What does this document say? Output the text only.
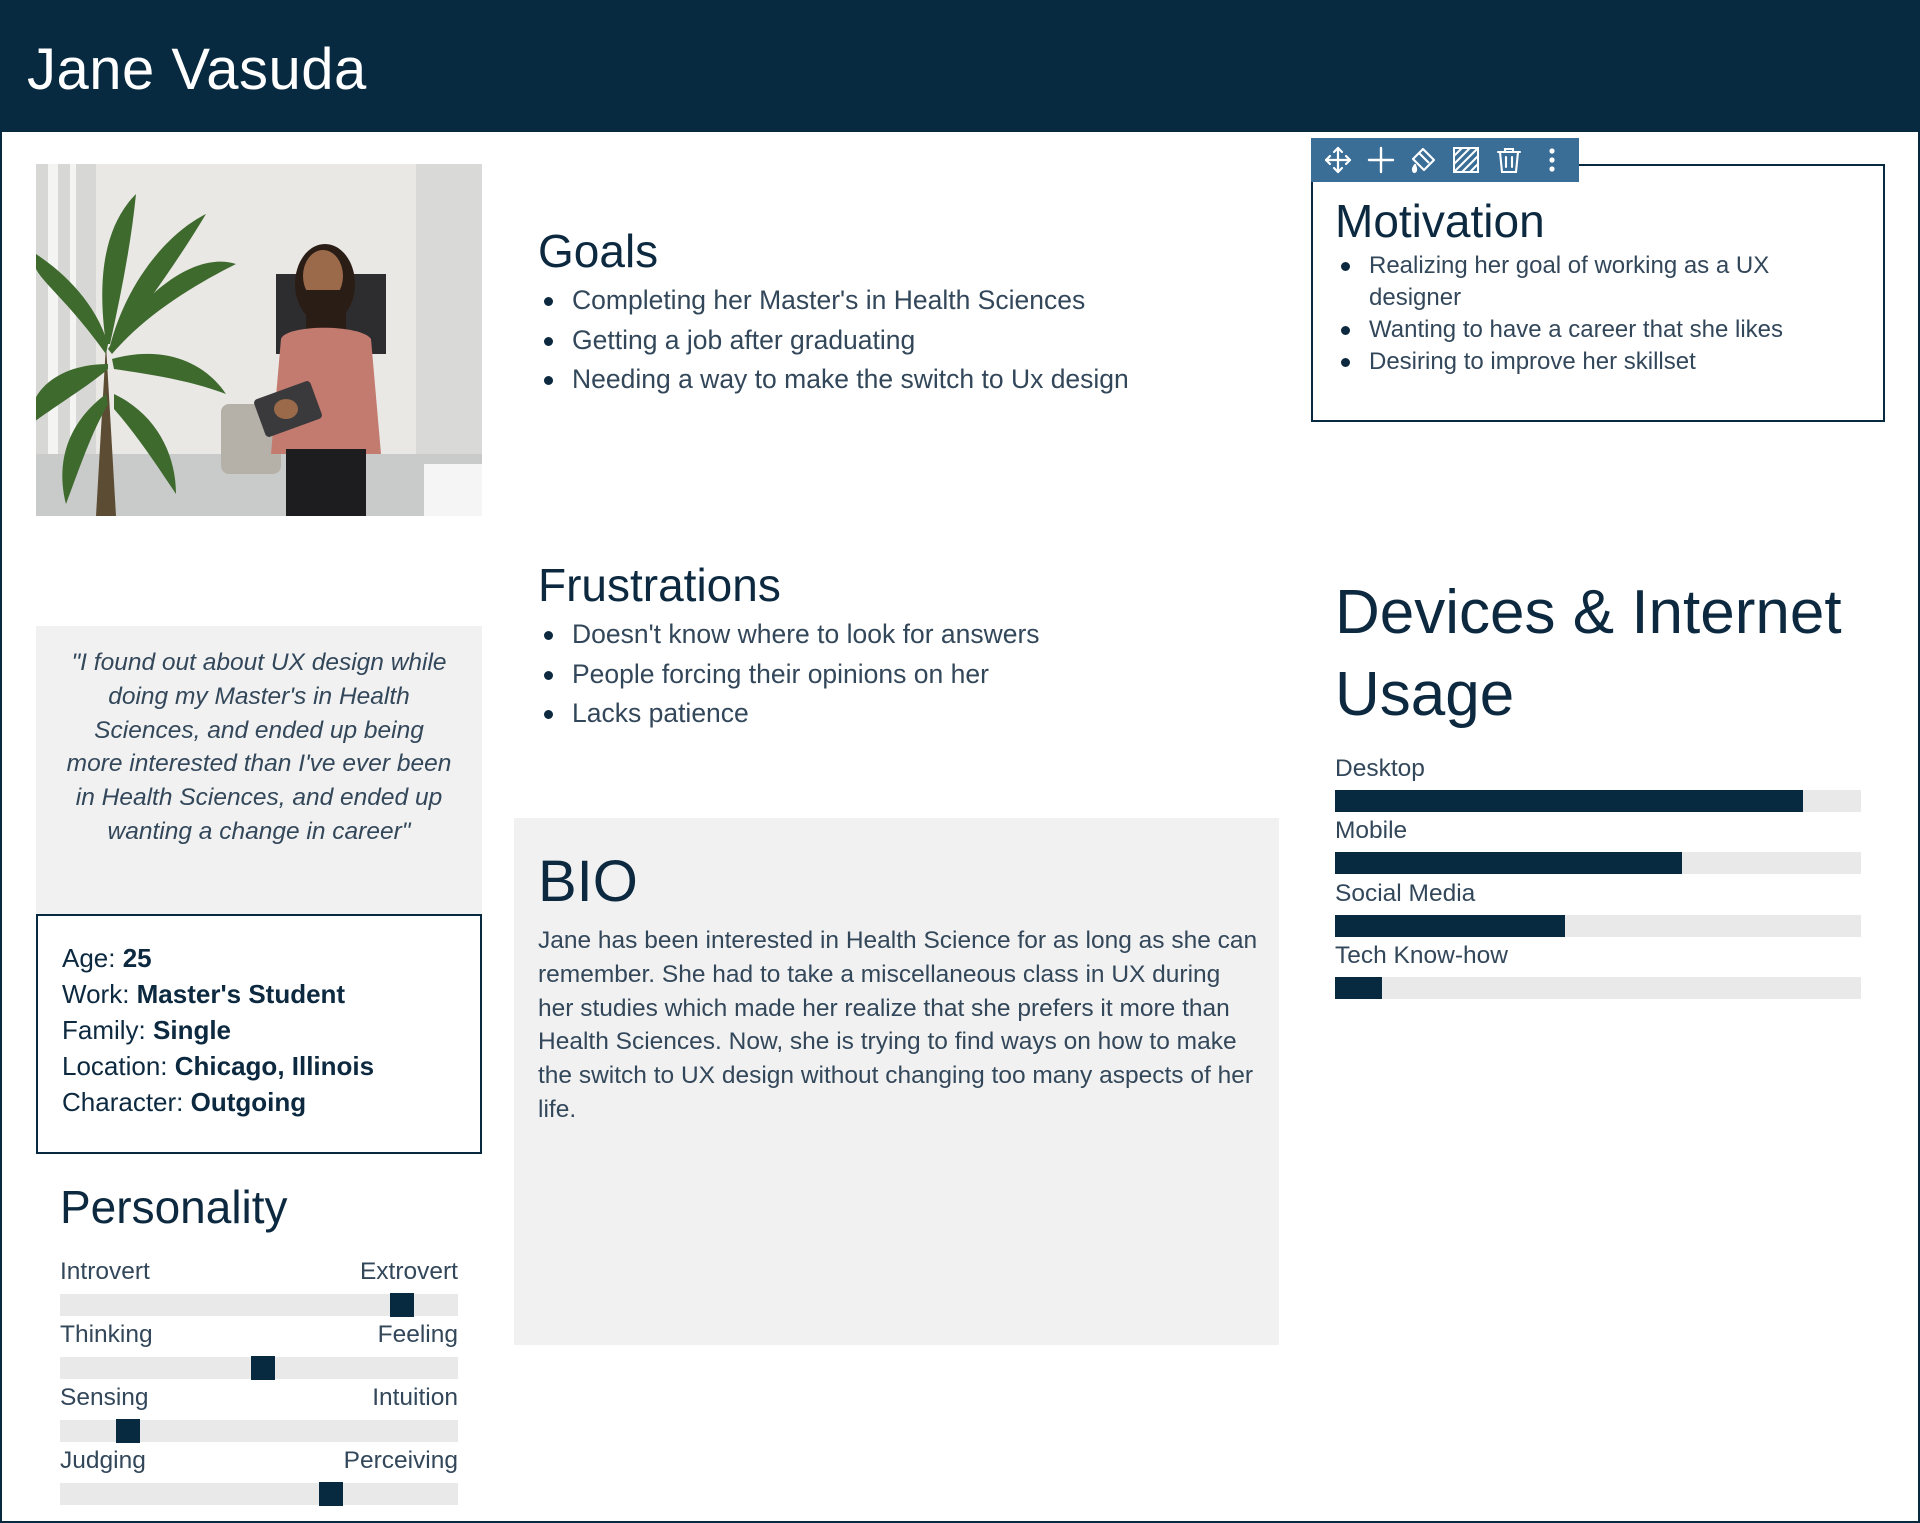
Jane Vasuda

"I found out about UX design while doing my Master's in Health Sciences, and ended up being more interested than I've ever been in Health Sciences, and ended up wanting a change in career"

Age: 25
Work: Master's Student
Family: Single
Location: Chicago, Illinois
Character: Outgoing
Personality
Introvert	Extrovert
Thinking	Feeling
Sensing	Intuition
Judging	Perceiving
Goals
Completing her Master's in Health Sciences
Getting a job after graduating
Needing a way to make the switch to Ux design
Frustrations
Doesn't know where to look for answers
People forcing their opinions on her
Lacks patience
BIO

Jane has been interested in Health Science for as long as she can remember. She had to take a miscellaneous class in UX during her studies which made her realize that she prefers it more than Health Sciences. Now, she is trying to find ways on how to make the switch to UX design without changing too many aspects of her life.

Motivation
Realizing her goal of working as a UX designer
Wanting to have a career that she likes
Desiring to improve her skillset
Devices & Internet
Usage
Desktop
Mobile
Social Media
Tech Know-how
